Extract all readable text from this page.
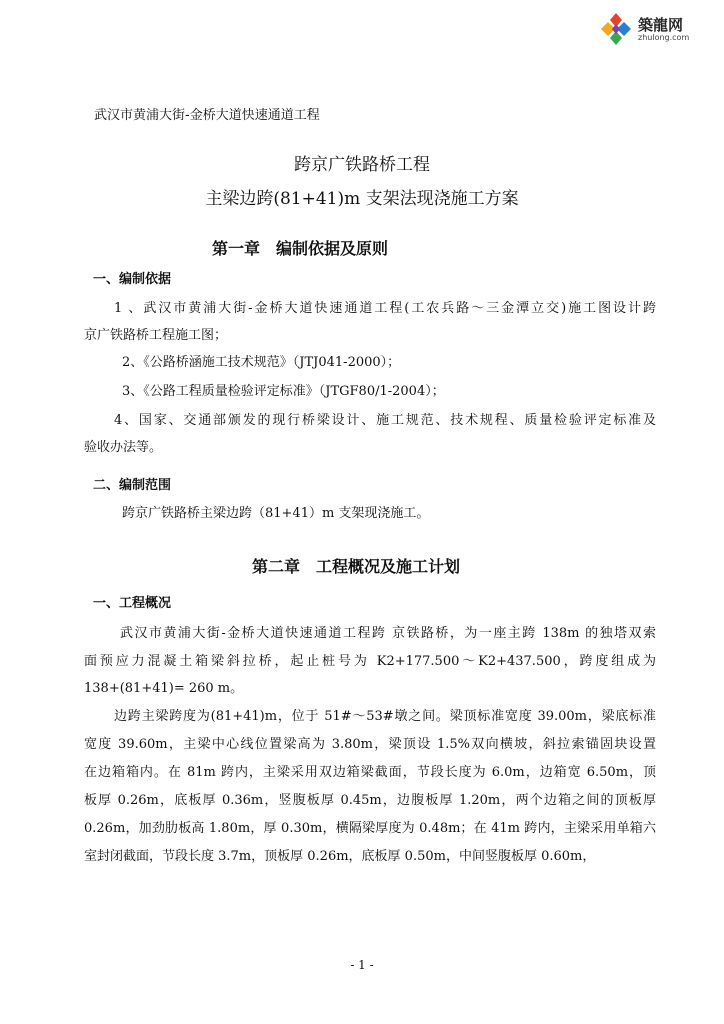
築龍网
zhulong.com
武汉市黄浦大街-金桥大道快速通道工程
跨京广铁路桥工程
主梁边跨(81+41)m 支架法现浇施工方案
第一章 编制依据及原则
一、编制依据
1 、武汉市黄浦大街-金桥大道快速通道工程(工农兵路～三金潭立交)施工图设计跨
京广铁路桥工程施工图；
2、《公路桥涵施工技术规范》（JTJ041-2000）；
3、《公路工程质量检验评定标准》（JTGF80/1-2004）；
4、国家、交通部颁发的现行桥梁设计、施工规范、技术规程、质量检验评定标准及
验收办法等。
二、编制范围
跨京广铁路桥主梁边跨（81+41）m 支架现浇施工。
第二章 工程概况及施工计划
一、工程概况
武汉市黄浦大街-金桥大道快速通道工程跨 京铁路桥，为一座主跨 138m 的独塔双索
面预应力混凝土箱梁斜拉桥，起止桩号为 K2+177.500～K2+437.500，跨度组成为
138+(81+41)= 260 m。
边跨主梁跨度为(81+41)m，位于 51#～53#墩之间。梁顶标准宽度 39.00m，梁底标准
宽度 39.60m，主梁中心线位置梁高为 3.80m，梁顶设 1.5%双向横坡，斜拉索锚固块设置
在边箱箱内。在 81m 跨内，主梁采用双边箱梁截面，节段长度为 6.0m，边箱宽 6.50m，顶
板厚 0.26m，底板厚 0.36m，竖腹板厚 0.45m，边腹板厚 1.20m，两个边箱之间的顶板厚
0.26m，加劲肋板高 1.80m，厚 0.30m，横隔梁厚度为 0.48m；在 41m 跨内，主梁采用单箱六
室封闭截面，节段长度 3.7m，顶板厚 0.26m，底板厚 0.50m，中间竖腹板厚 0.60m，
- 1 -
